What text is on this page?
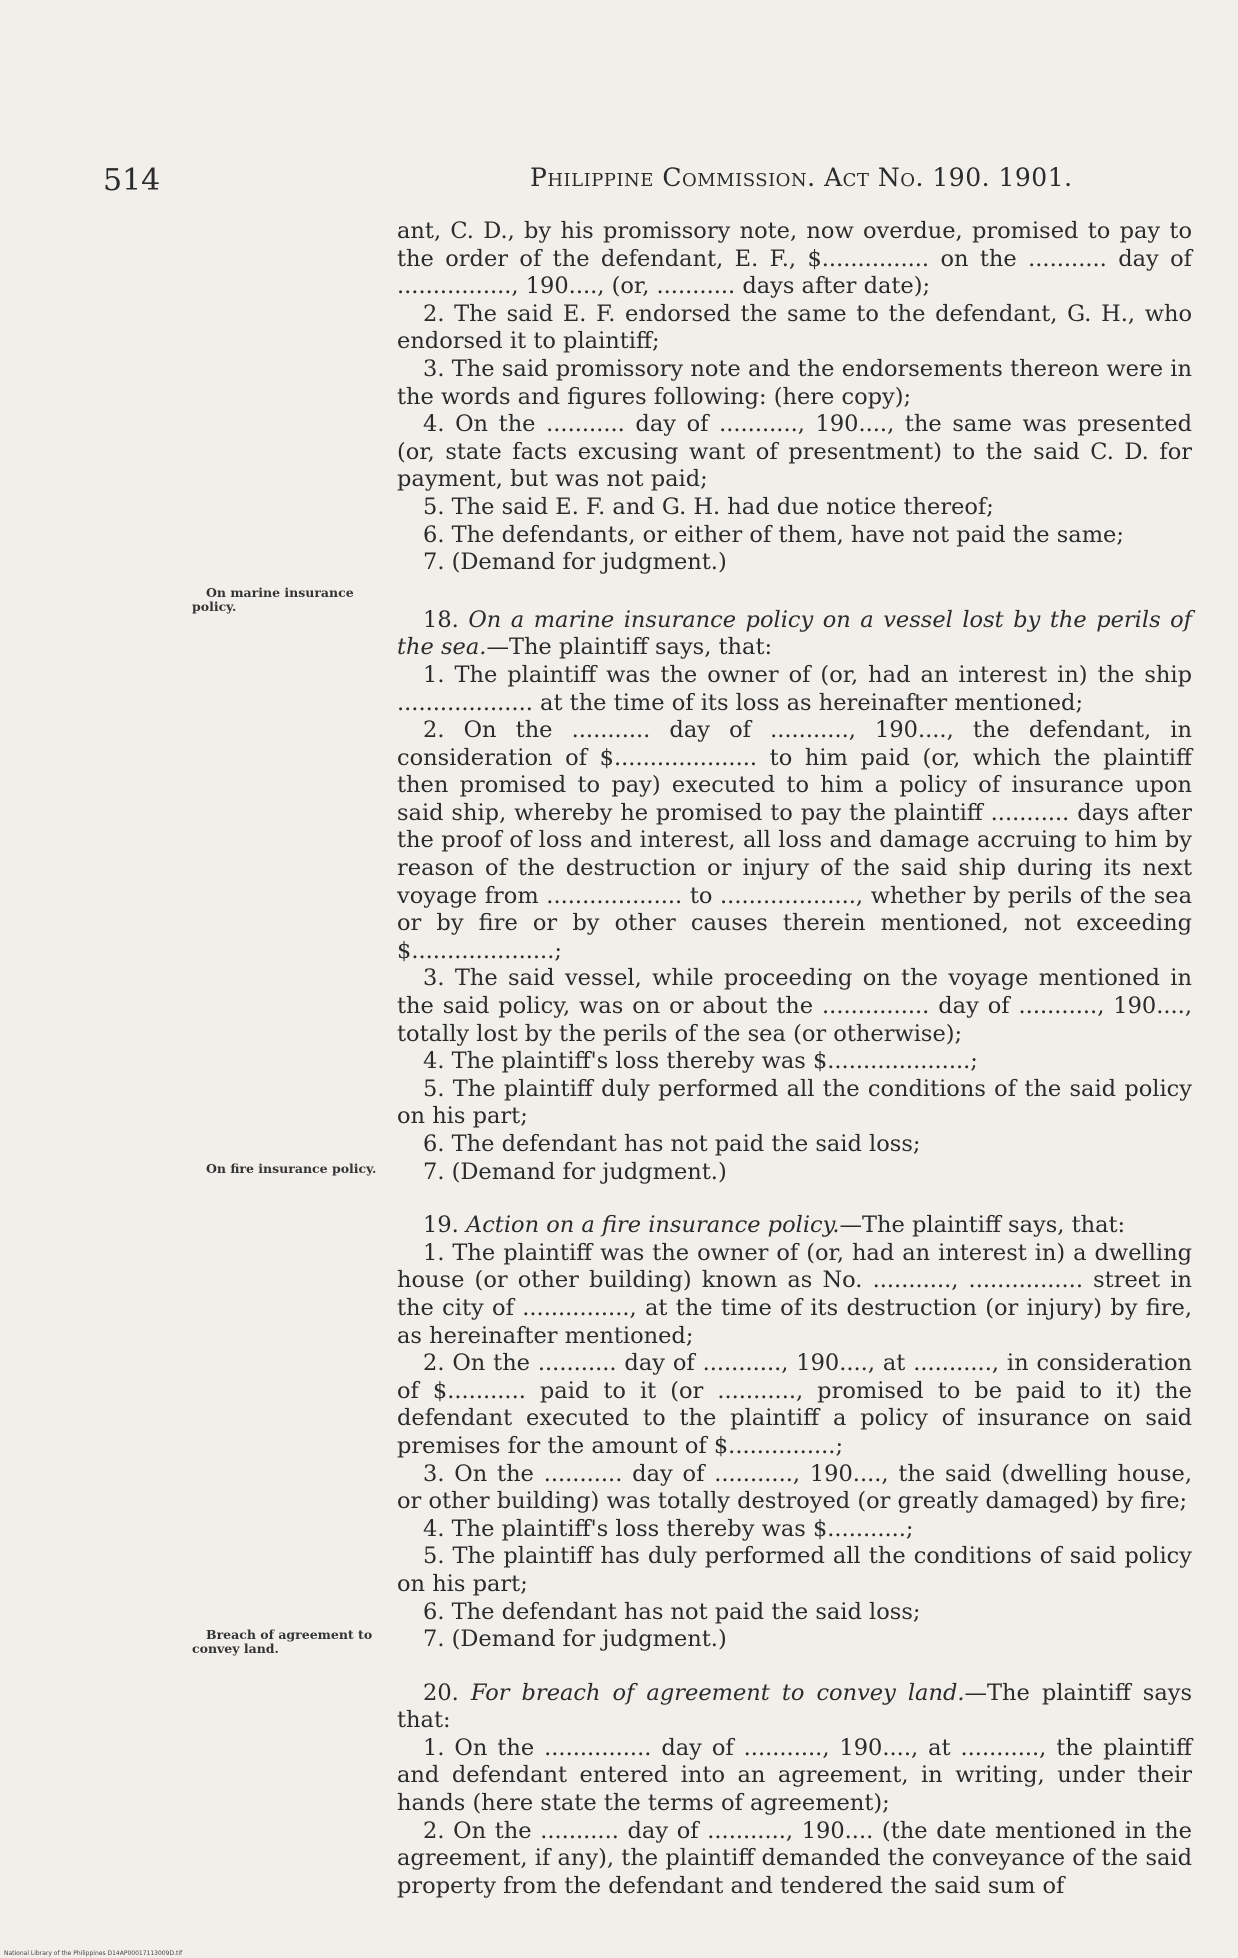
514	Philippine Commission. Act No. 190. 1901.
On marine insurance policy.
On fire insurance policy.
Breach of agreement to convey land.

ant, C. D., by his promissory note, now overdue, promised to pay to the order of the defendant, E. F., $............... on the ........... day of ................, 190...., (or, ........... days after date);

2. The said E. F. endorsed the same to the defendant, G. H., who endorsed it to plaintiff;

3. The said promissory note and the endorsements thereon were in the words and figures following: (here copy);

4. On the ........... day of ..........., 190...., the same was presented (or, state facts excusing want of presentment) to the said C. D. for payment, but was not paid;

5. The said E. F. and G. H. had due notice thereof;

6. The defendants, or either of them, have not paid the same;

7. (Demand for judgment.)

18. On a marine insurance policy on a vessel lost by the perils of the sea.—The plaintiff says, that:

1. The plaintiff was the owner of (or, had an interest in) the ship ................... at the time of its loss as hereinafter mentioned;

2. On the ........... day of ..........., 190...., the defendant, in consideration of $.................... to him paid (or, which the plaintiff then promised to pay) executed to him a policy of insurance upon said ship, whereby he promised to pay the plaintiff ........... days after the proof of loss and interest, all loss and damage accruing to him by reason of the destruction or injury of the said ship during its next voyage from ................... to ..................., whether by perils of the sea or by fire or by other causes therein mentioned, not exceeding $....................;

3. The said vessel, while proceeding on the voyage mentioned in the said policy, was on or about the ............... day of ..........., 190...., totally lost by the perils of the sea (or otherwise);

4. The plaintiff's loss thereby was $....................;

5. The plaintiff duly performed all the conditions of the said policy on his part;

6. The defendant has not paid the said loss;

7. (Demand for judgment.)

19. Action on a fire insurance policy.—The plaintiff says, that:

1. The plaintiff was the owner of (or, had an interest in) a dwelling house (or other building) known as No. ..........., ................ street in the city of ..............., at the time of its destruction (or injury) by fire, as hereinafter mentioned;

2. On the ........... day of ..........., 190...., at ..........., in consideration of $........... paid to it (or ..........., promised to be paid to it) the defendant executed to the plaintiff a policy of insurance on said premises for the amount of $...............;

3. On the ........... day of ..........., 190...., the said (dwelling house, or other building) was totally destroyed (or greatly damaged) by fire;

4. The plaintiff's loss thereby was $...........;

5. The plaintiff has duly performed all the conditions of said policy on his part;

6. The defendant has not paid the said loss;

7. (Demand for judgment.)

20. For breach of agreement to convey land.—The plaintiff says that:

1. On the ............... day of ..........., 190...., at ..........., the plaintiff and defendant entered into an agreement, in writing, under their hands (here state the terms of agreement);

2. On the ........... day of ..........., 190.... (the date mentioned in the agreement, if any), the plaintiff demanded the conveyance of the said property from the defendant and tendered the said sum of

National Library of the Philippines D14AP00017113009D.tif
